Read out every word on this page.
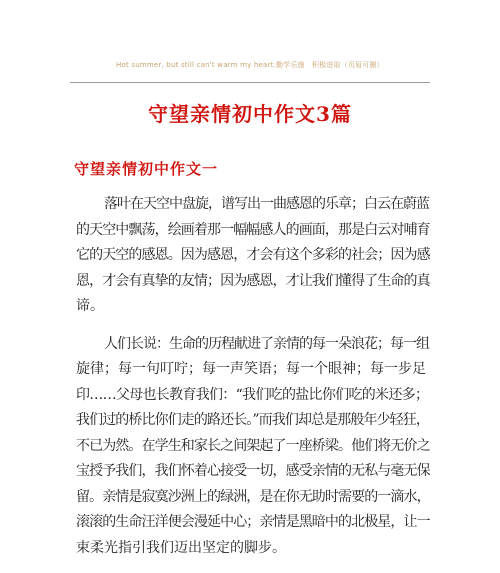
Hot summer, but still can't warm my heart.勤学乐施　积极进取（页眉可删）
守望亲情初中作文3篇
守望亲情初中作文一
落叶在天空中盘旋，谱写出一曲感恩的乐章；白云在蔚蓝
的天空中飘荡，绘画着那一幅幅感人的画面，那是白云对哺育
它的天空的感恩。因为感恩，才会有这个多彩的社会；因为感
恩，才会有真挚的友情；因为感恩，才让我们懂得了生命的真
谛。
人们长说：生命的历程献进了亲情的每一朵浪花；每一组
旋律；每一句叮咛；每一声笑语；每一个眼神；每一步足
印……父母也长教育我们：“我们吃的盐比你们吃的米还多；
我们过的桥比你们走的路还长。”而我们却总是那般年少轻狂，
不已为然。在学生和家长之间架起了一座桥梁。他们将无价之
宝授予我们，我们怀着心接受一切，感受亲情的无私与毫无保
留。亲情是寂寞沙洲上的绿洲，是在你无助时需要的一滴水，
滚滚的生命汪洋便会漫延中心；亲情是黑暗中的北极星，让一
束柔光指引我们迈出坚定的脚步。
